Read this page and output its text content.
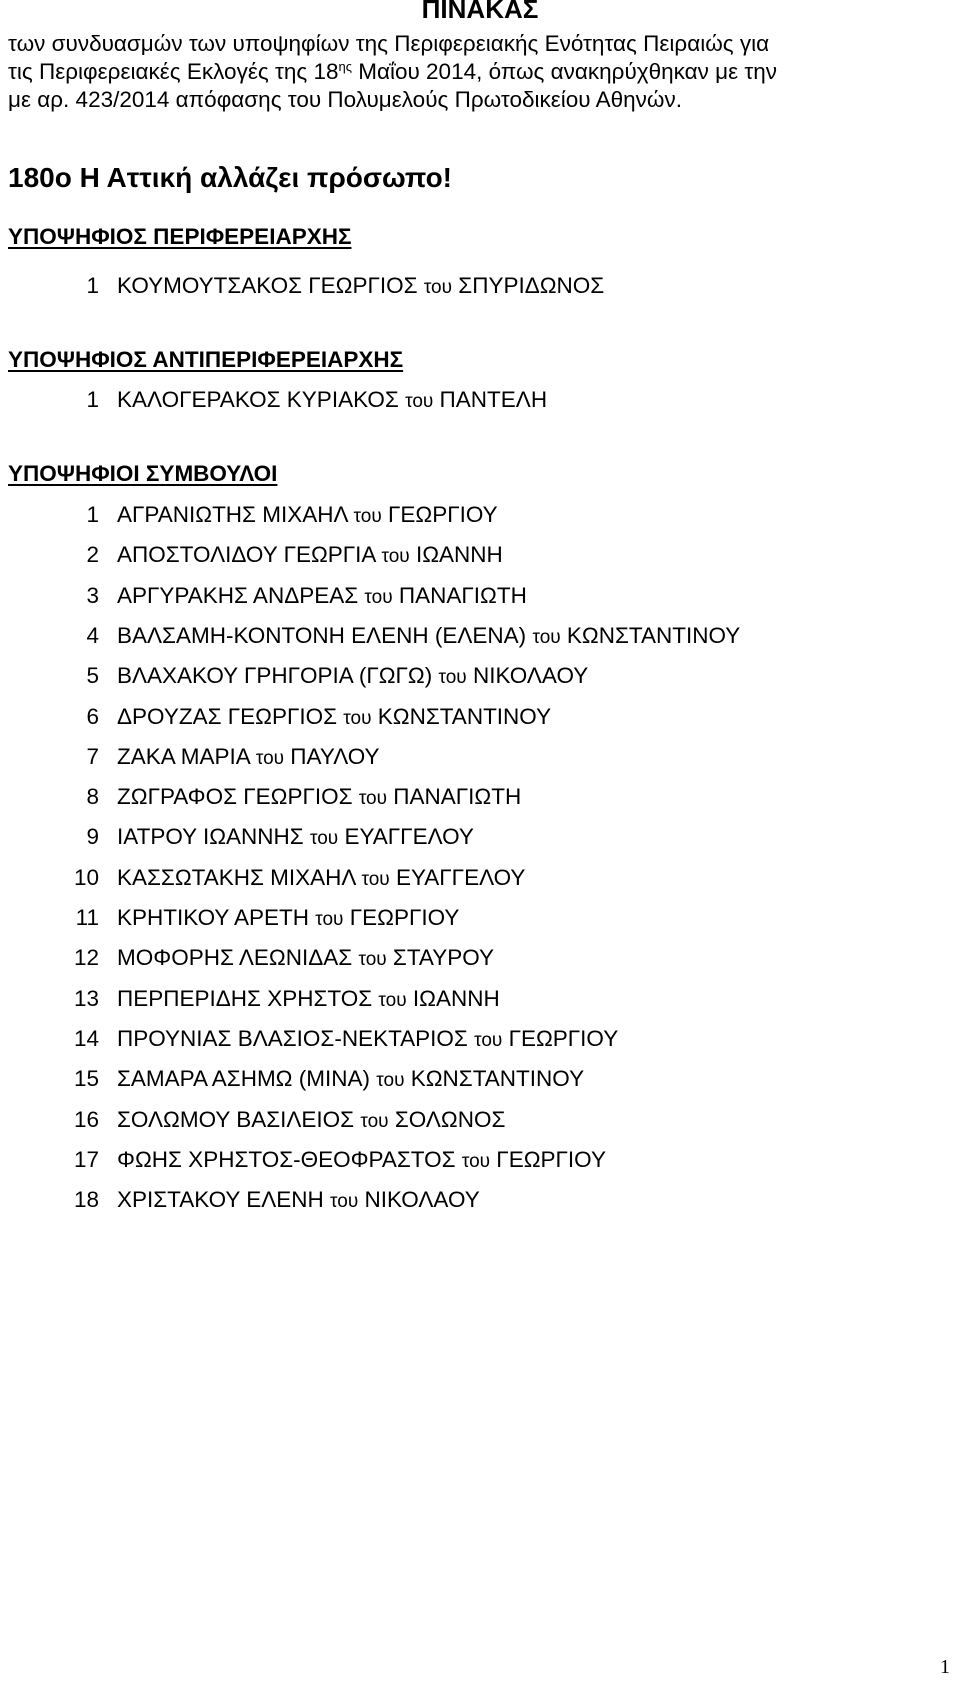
ΠΙΝΑΚΑΣ
των συνδυασμών των υποψηφίων της Περιφερειακής Ενότητας Πειραιώς για
τις Περιφερειακές Εκλογές της $18^{\eta\varsigma}$ Μαΐου 2014, όπως ανακηρύχθηκαν με την
με αρ. 423/2014 απόφασης του Πολυμελούς Πρωτοδικείου Αθηνών.
180ο Η Αττική αλλάζει πρόσωπο!
ΥΠΟΨΗΦΙΟΣ ΠΕΡΙΦΕΡΕΙΑΡΧΗΣ
1 ΚΟΥΜΟΥΤΣΑΚΟΣ ΓΕΩΡΓΙΟΣ του ΣΠΥΡΙΔΩΝΟΣ
ΥΠΟΨΗΦΙΟΣ ΑΝΤΙΠΕΡΙΦΕΡΕΙΑΡΧΗΣ
1 ΚΑΛΟΓΕΡΑΚΟΣ ΚΥΡΙΑΚΟΣ του ΠΑΝΤΕΛΗ
ΥΠΟΨΗΦΙΟΙ ΣΥΜΒΟΥΛΟΙ
1 ΑΓΡΑΝΙΩΤΗΣ ΜΙΧΑΗΛ του ΓΕΩΡΓΙΟΥ
2 ΑΠΟΣΤΟΛΙΔΟΥ ΓΕΩΡΓΙΑ του ΙΩΑΝΝΗ
3 ΑΡΓΥΡΑΚΗΣ ΑΝΔΡΕΑΣ του ΠΑΝΑΓΙΩΤΗ
4 ΒΑΛΣΑΜΗ-ΚΟΝΤΟΝΗ ΕΛΕΝΗ (ΕΛΕΝΑ) του ΚΩΝΣΤΑΝΤΙΝΟΥ
5 ΒΛΑΧΑΚΟΥ ΓΡΗΓΟΡΙΑ (ΓΩΓΩ) του ΝΙΚΟΛΑΟΥ
6 ΔΡΟΥΖΑΣ ΓΕΩΡΓΙΟΣ του ΚΩΝΣΤΑΝΤΙΝΟΥ
7 ΖΑΚΑ ΜΑΡΙΑ του ΠΑΥΛΟΥ
8 ΖΩΓΡΑΦΟΣ ΓΕΩΡΓΙΟΣ του ΠΑΝΑΓΙΩΤΗ
9 ΙΑΤΡΟΥ ΙΩΑΝΝΗΣ του ΕΥΑΓΓΕΛΟΥ
10 ΚΑΣΣΩΤΑΚΗΣ ΜΙΧΑΗΛ του ΕΥΑΓΓΕΛΟΥ
11 ΚΡΗΤΙΚΟΥ ΑΡΕΤΗ του ΓΕΩΡΓΙΟΥ
12 ΜΟΦΟΡΗΣ ΛΕΩΝΙΔΑΣ του ΣΤΑΥΡΟΥ
13 ΠΕΡΠΕΡΙΔΗΣ ΧΡΗΣΤΟΣ του ΙΩΑΝΝΗ
14 ΠΡΟΥΝΙΑΣ ΒΛΑΣΙΟΣ-ΝΕΚΤΑΡΙΟΣ του ΓΕΩΡΓΙΟΥ
15 ΣΑΜΑΡΑ ΑΣΗΜΩ (ΜΙΝΑ) του ΚΩΝΣΤΑΝΤΙΝΟΥ
16 ΣΟΛΩΜΟΥ ΒΑΣΙΛΕΙΟΣ του ΣΟΛΩΝΟΣ
17 ΦΩΗΣ ΧΡΗΣΤΟΣ-ΘΕΟΦΡΑΣΤΟΣ του ΓΕΩΡΓΙΟΥ
18 ΧΡΙΣΤΑΚΟΥ ΕΛΕΝΗ του ΝΙΚΟΛΑΟΥ
1
